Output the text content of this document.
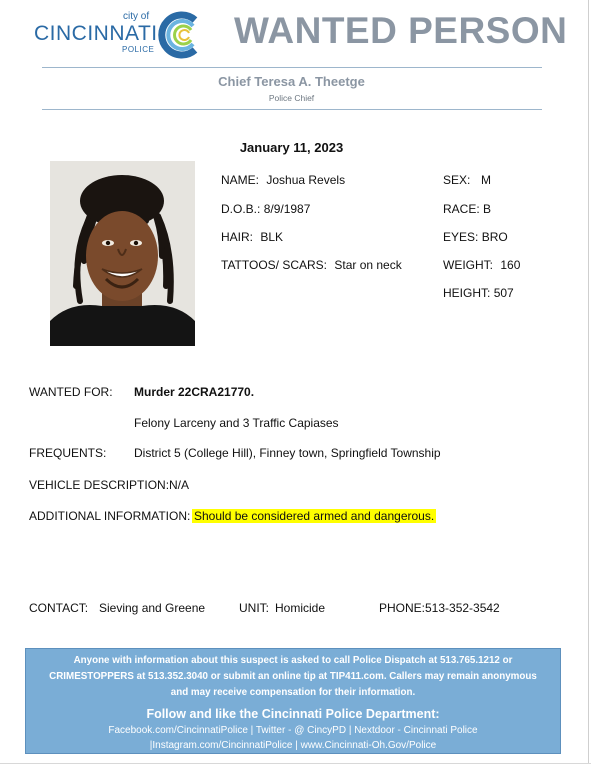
city of
CINCINNATI
POLICE WANTED PERSON
Chief Teresa A. Theetge
Police Chief
January 11, 2023
NAME: Joshua Revels
D.O.B.: 8/9/1987
HAIR: BLK
TATTOOS/ SCARS: Star on neck
SEX: M
RACE: B
EYES: BRO
WEIGHT: 160
HEIGHT: 507
WANTED FOR: Murder 22CRA21770.
Felony Larceny and 3 Traffic Capiases
FREQUENTS: District 5 (College Hill), Finney town, Springfield Township
VEHICLE DESCRIPTION: N/A
ADDITIONAL INFORMATION: Should be considered armed and dangerous.
CONTACT: Sieving and Greene	UNIT: Homicide	PHONE: 513-352-3542
Anyone with information about this suspect is asked to call Police Dispatch at 513.765.1212 or
CRIMESTOPPERS at 513.352.3040 or submit an online tip at TIP411.com. Callers may remain anonymous
and may receive compensation for their information.
Follow and like the Cincinnati Police Department:
Facebook.com/CincinnatiPolice | Twitter - @ CincyPD | Nextdoor - Cincinnati Police
|Instagram.com/CincinnatiPolice | www.Cincinnati-Oh.Gov/Police
